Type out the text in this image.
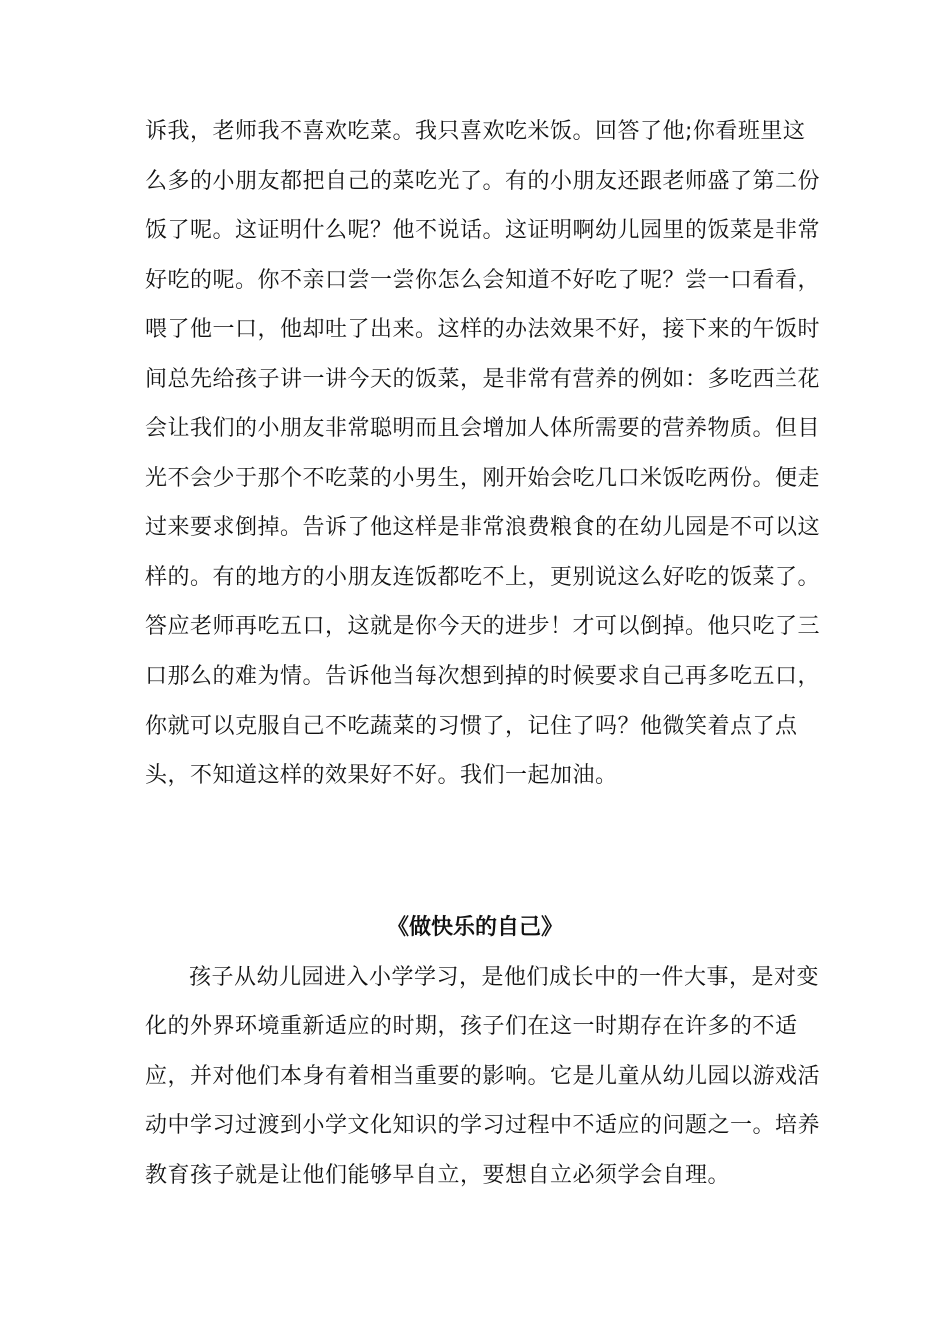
诉我，老师我不喜欢吃菜。我只喜欢吃米饭。回答了他;你看班里这
么多的小朋友都把自己的菜吃光了。有的小朋友还跟老师盛了第二份
饭了呢。这证明什么呢？他不说话。这证明啊幼儿园里的饭菜是非常
好吃的呢。你不亲口尝一尝你怎么会知道不好吃了呢？尝一口看看，
喂了他一口，他却吐了出来。这样的办法效果不好，接下来的午饭时
间总先给孩子讲一讲今天的饭菜，是非常有营养的例如：多吃西兰花
会让我们的小朋友非常聪明而且会增加人体所需要的营养物质。但目
光不会少于那个不吃菜的小男生，刚开始会吃几口米饭吃两份。便走
过来要求倒掉。告诉了他这样是非常浪费粮食的在幼儿园是不可以这
样的。有的地方的小朋友连饭都吃不上，更别说这么好吃的饭菜了。
答应老师再吃五口，这就是你今天的进步！才可以倒掉。他只吃了三
口那么的难为情。告诉他当每次想到掉的时候要求自己再多吃五口，
你就可以克服自己不吃蔬菜的习惯了，记住了吗？他微笑着点了点
头，不知道这样的效果好不好。我们一起加油。
《做快乐的自己》
孩子从幼儿园进入小学学习，是他们成长中的一件大事，是对变
化的外界环境重新适应的时期，孩子们在这一时期存在许多的不适
应，并对他们本身有着相当重要的影响。它是儿童从幼儿园以游戏活
动中学习过渡到小学文化知识的学习过程中不适应的问题之一。培养
教育孩子就是让他们能够早自立，要想自立必须学会自理。
